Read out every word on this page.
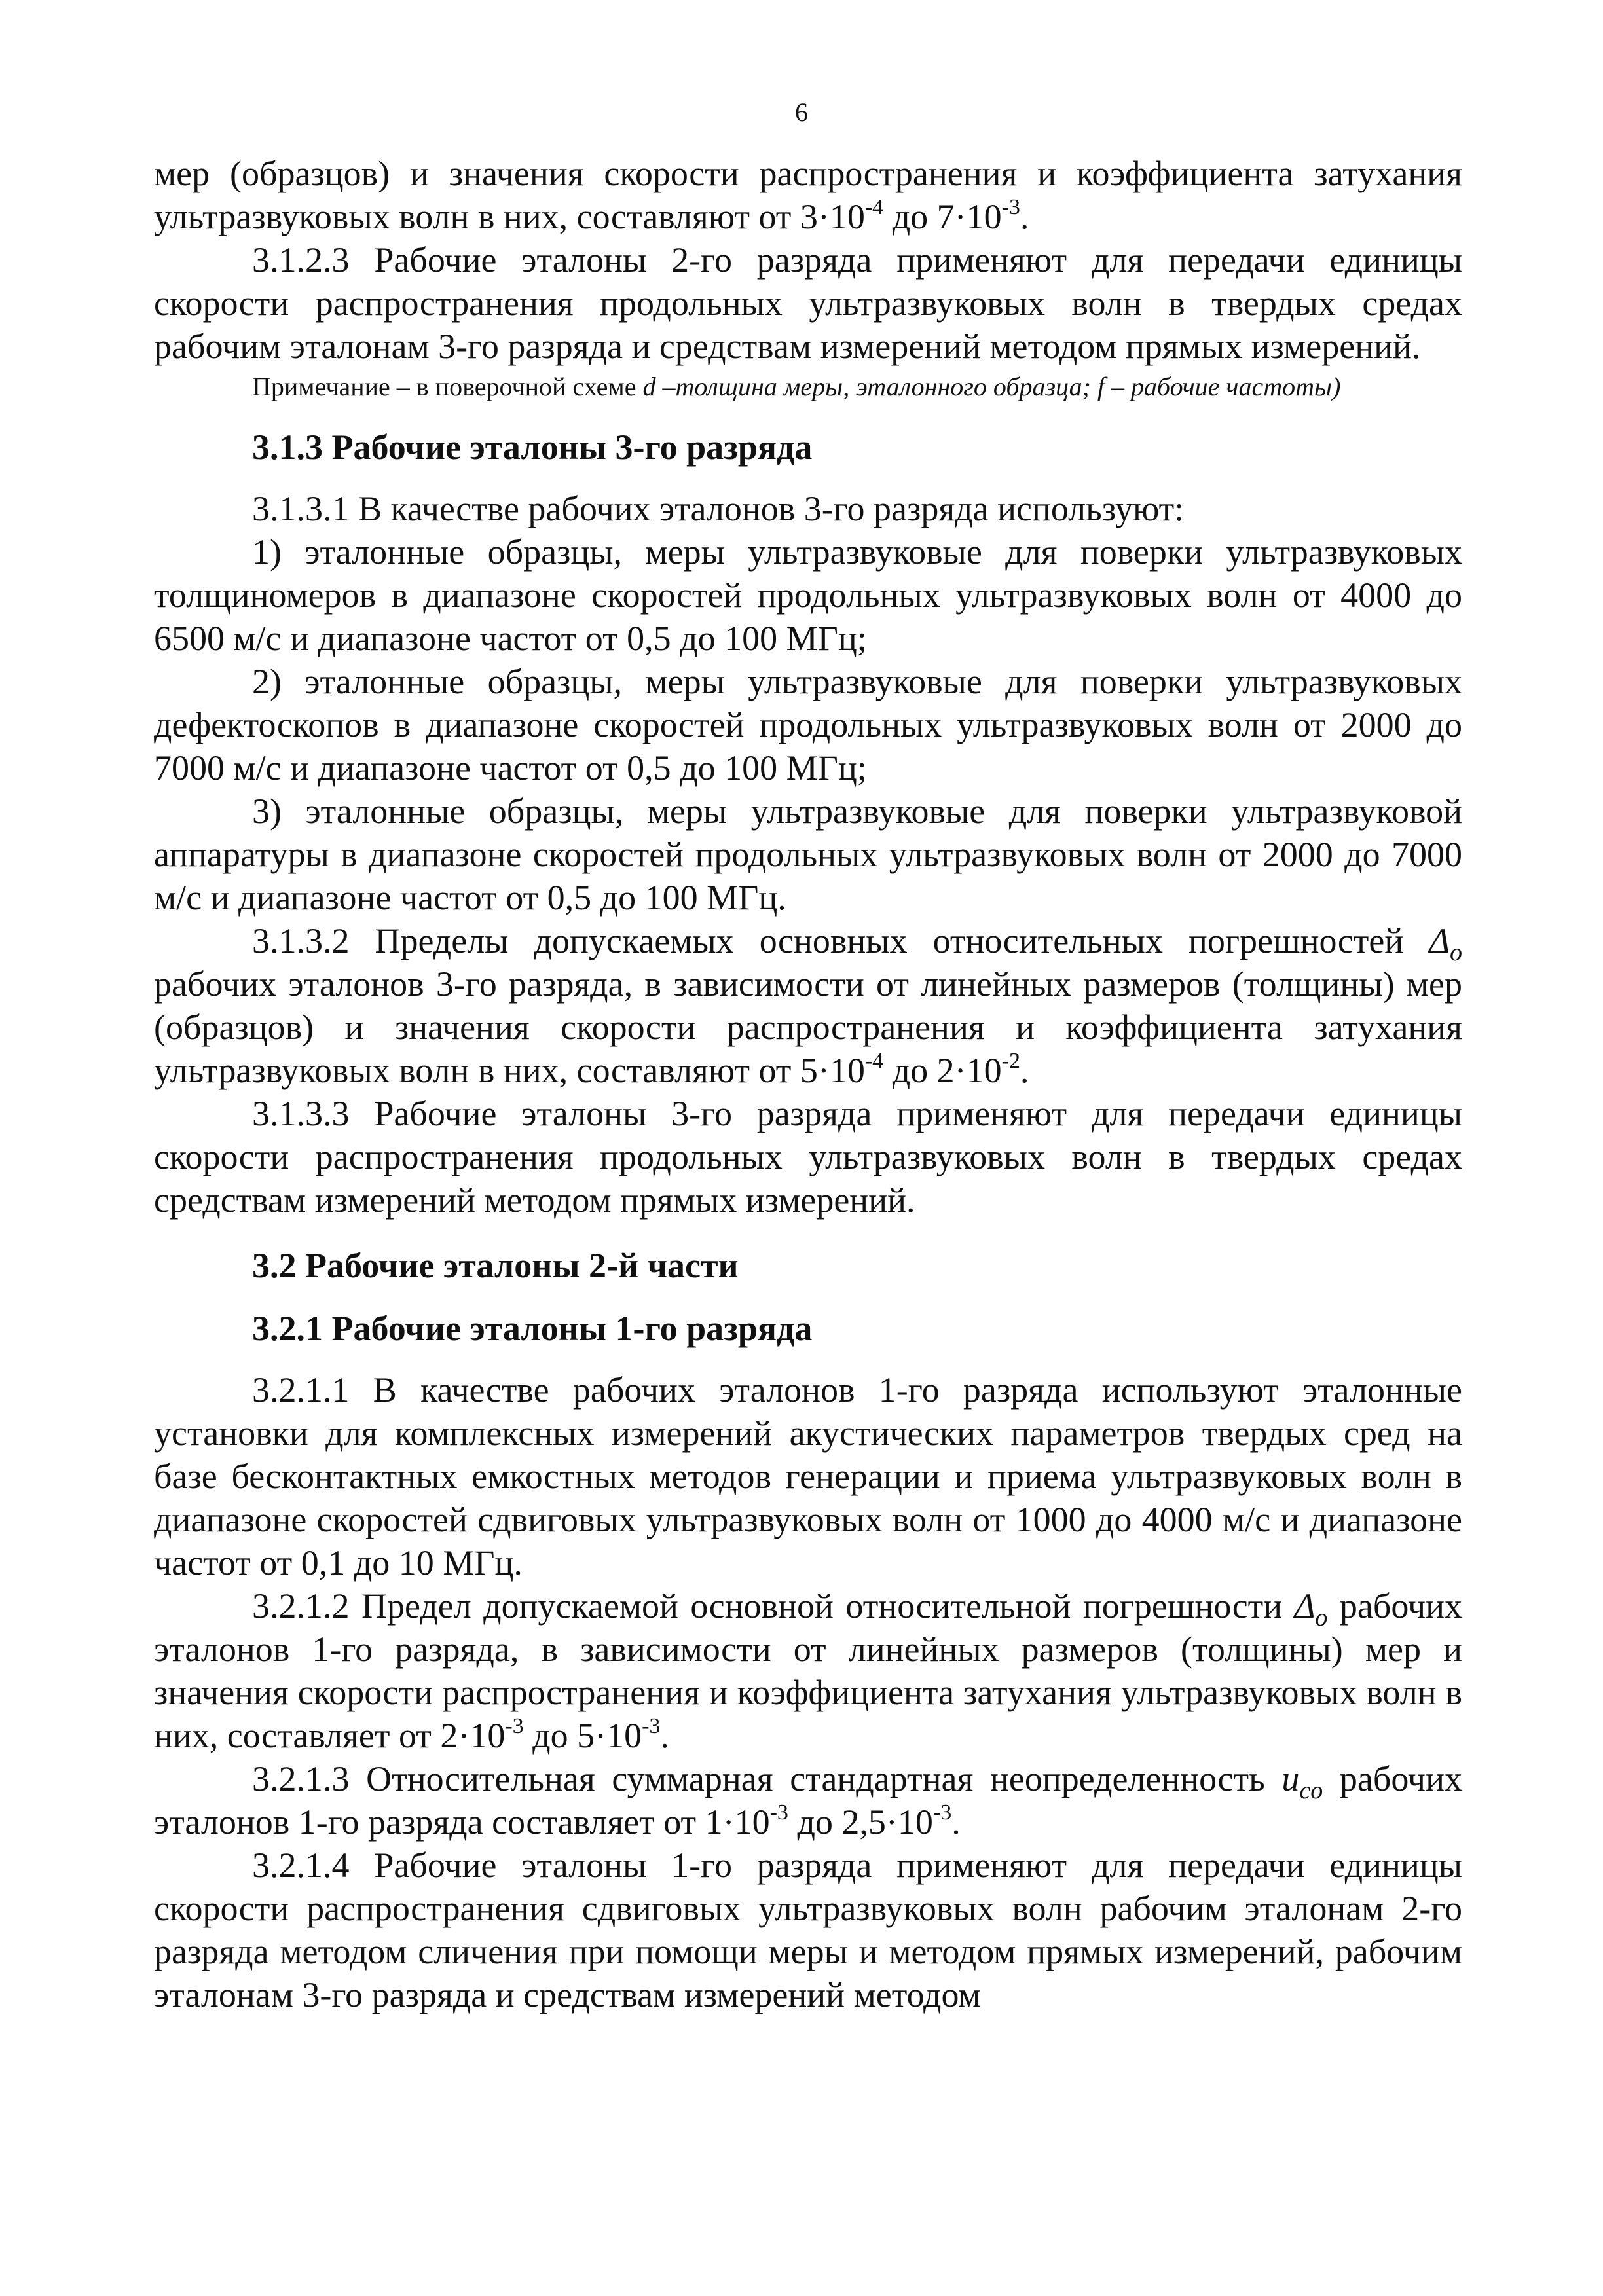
6

мер (образцов) и значения скорости распространения и коэффициента затухания ультразвуковых волн в них, составляют от $3\cdot 10^{-4}$ до $7\cdot 10^{-3}$.

3.1.2.3 Рабочие эталоны 2-го разряда применяют для передачи единицы скорости распространения продольных ультразвуковых волн в твердых средах рабочим эталонам 3-го разряда и средствам измерений методом прямых измерений.

Примечание – в поверочной схеме d –толщина меры, эталонного образца; f – рабочие частоты)

3.1.3 Рабочие эталоны 3-го разряда

3.1.3.1 В качестве рабочих эталонов 3-го разряда используют:

1) эталонные образцы, меры ультразвуковые для поверки ультразвуковых толщиномеров в диапазоне скоростей продольных ультразвуковых волн от 4000 до 6500 м/с и диапазоне частот от 0,5 до 100 МГц;

2) эталонные образцы, меры ультразвуковые для поверки ультразвуковых дефектоскопов в диапазоне скоростей продольных ультразвуковых волн от 2000 до 7000 м/с и диапазоне частот от 0,5 до 100 МГц;

3) эталонные образцы, меры ультразвуковые для поверки ультразвуковой аппаратуры в диапазоне скоростей продольных ультразвуковых волн от 2000 до 7000 м/с и диапазоне частот от 0,5 до 100 МГц.

3.1.3.2 Пределы допускаемых основных относительных погрешностей $\Delta_o$ рабочих эталонов 3-го разряда, в зависимости от линейных размеров (толщины) мер (образцов) и значения скорости распространения и коэффициента затухания ультразвуковых волн в них, составляют от $5\cdot 10^{-4}$ до $2\cdot 10^{-2}$.

3.1.3.3 Рабочие эталоны 3-го разряда применяют для передачи единицы скорости распространения продольных ультразвуковых волн в твердых средах средствам измерений методом прямых измерений.

3.2 Рабочие эталоны 2-й части
3.2.1 Рабочие эталоны 1-го разряда

3.2.1.1 В качестве рабочих эталонов 1-го разряда используют эталонные установки для комплексных измерений акустических параметров твердых сред на базе бесконтактных емкостных методов генерации и приема ультразвуковых волн в диапазоне скоростей сдвиговых ультразвуковых волн от 1000 до 4000 м/с и диапазоне частот от 0,1 до 10 МГц.

3.2.1.2 Предел допускаемой основной относительной погрешности $\Delta_o$ рабочих эталонов 1-го разряда, в зависимости от линейных размеров (толщины) мер и значения скорости распространения и коэффициента затухания ультразвуковых волн в них, составляет от $2\cdot 10^{-3}$ до $5\cdot 10^{-3}$.

3.2.1.3 Относительная суммарная стандартная неопределенность $u_{co}$ рабочих эталонов 1-го разряда составляет от $1\cdot 10^{-3}$ до $2,5\cdot 10^{-3}$.

3.2.1.4 Рабочие эталоны 1-го разряда применяют для передачи единицы скорости распространения сдвиговых ультразвуковых волн рабочим эталонам 2-го разряда методом сличения при помощи меры и методом прямых измерений, рабочим эталонам 3-го разряда и средствам измерений методом
